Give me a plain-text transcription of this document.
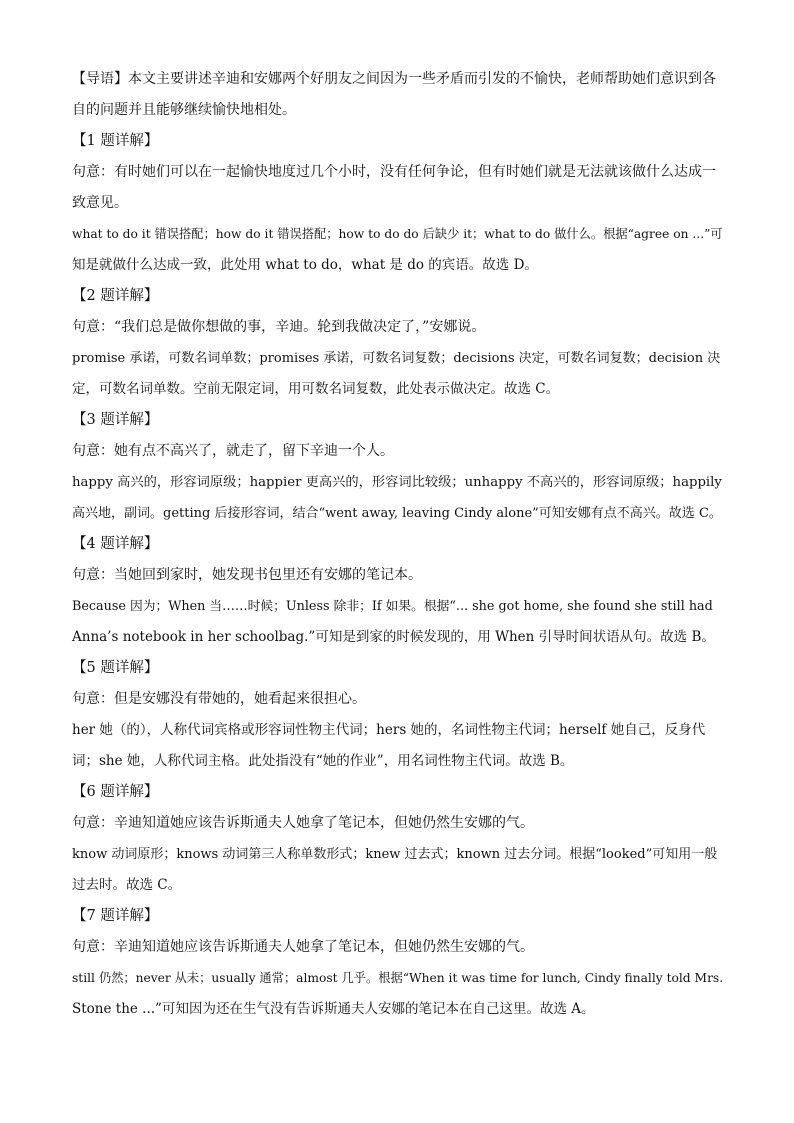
【导语】本文主要讲述辛迪和安娜两个好朋友之间因为一些矛盾而引发的不愉快，老师帮助她们意识到各
自的问题并且能够继续愉快地相处。
【1 题详解】
句意：有时她们可以在一起愉快地度过几个小时，没有任何争论，但有时她们就是无法就该做什么达成一
致意见。
what to do it 错误搭配；how do it 错误搭配；how to do do 后缺少 it；what to do 做什么。根据“agree on ...”可
知是就做什么达成一致，此处用 what to do，what 是 do 的宾语。故选 D。
【2 题详解】
句意：“我们总是做你想做的事，辛迪。轮到我做决定了，”安娜说。
promise 承诺，可数名词单数；promises 承诺，可数名词复数；decisions 决定，可数名词复数；decision 决
定，可数名词单数。空前无限定词，用可数名词复数，此处表示做决定。故选 C。
【3 题详解】
句意：她有点不高兴了，就走了，留下辛迪一个人。
happy 高兴的，形容词原级；happier 更高兴的，形容词比较级；unhappy 不高兴的，形容词原级；happily
高兴地，副词。getting 后接形容词，结合“went away, leaving Cindy alone”可知安娜有点不高兴。故选 C。
【4 题详解】
句意：当她回到家时，她发现书包里还有安娜的笔记本。
Because 因为；When 当……时候；Unless 除非；If 如果。根据“... she got home, she found she still had
Anna’s notebook in her schoolbag.”可知是到家的时候发现的，用 When 引导时间状语从句。故选 B。
【5 题详解】
句意：但是安娜没有带她的，她看起来很担心。
her 她（的），人称代词宾格或形容词性物主代词；hers 她的，名词性物主代词；herself 她自己，反身代
词；she 她，人称代词主格。此处指没有“她的作业”，用名词性物主代词。故选 B。
【6 题详解】
句意：辛迪知道她应该告诉斯通夫人她拿了笔记本，但她仍然生安娜的气。
know 动词原形；knows 动词第三人称单数形式；knew 过去式；known 过去分词。根据“looked”可知用一般
过去时。故选 C。
【7 题详解】
句意：辛迪知道她应该告诉斯通夫人她拿了笔记本，但她仍然生安娜的气。
still 仍然；never 从未；usually 通常；almost 几乎。根据“When it was time for lunch, Cindy finally told Mrs.
Stone the ...”可知因为还在生气没有告诉斯通夫人安娜的笔记本在自己这里。故选 A。
